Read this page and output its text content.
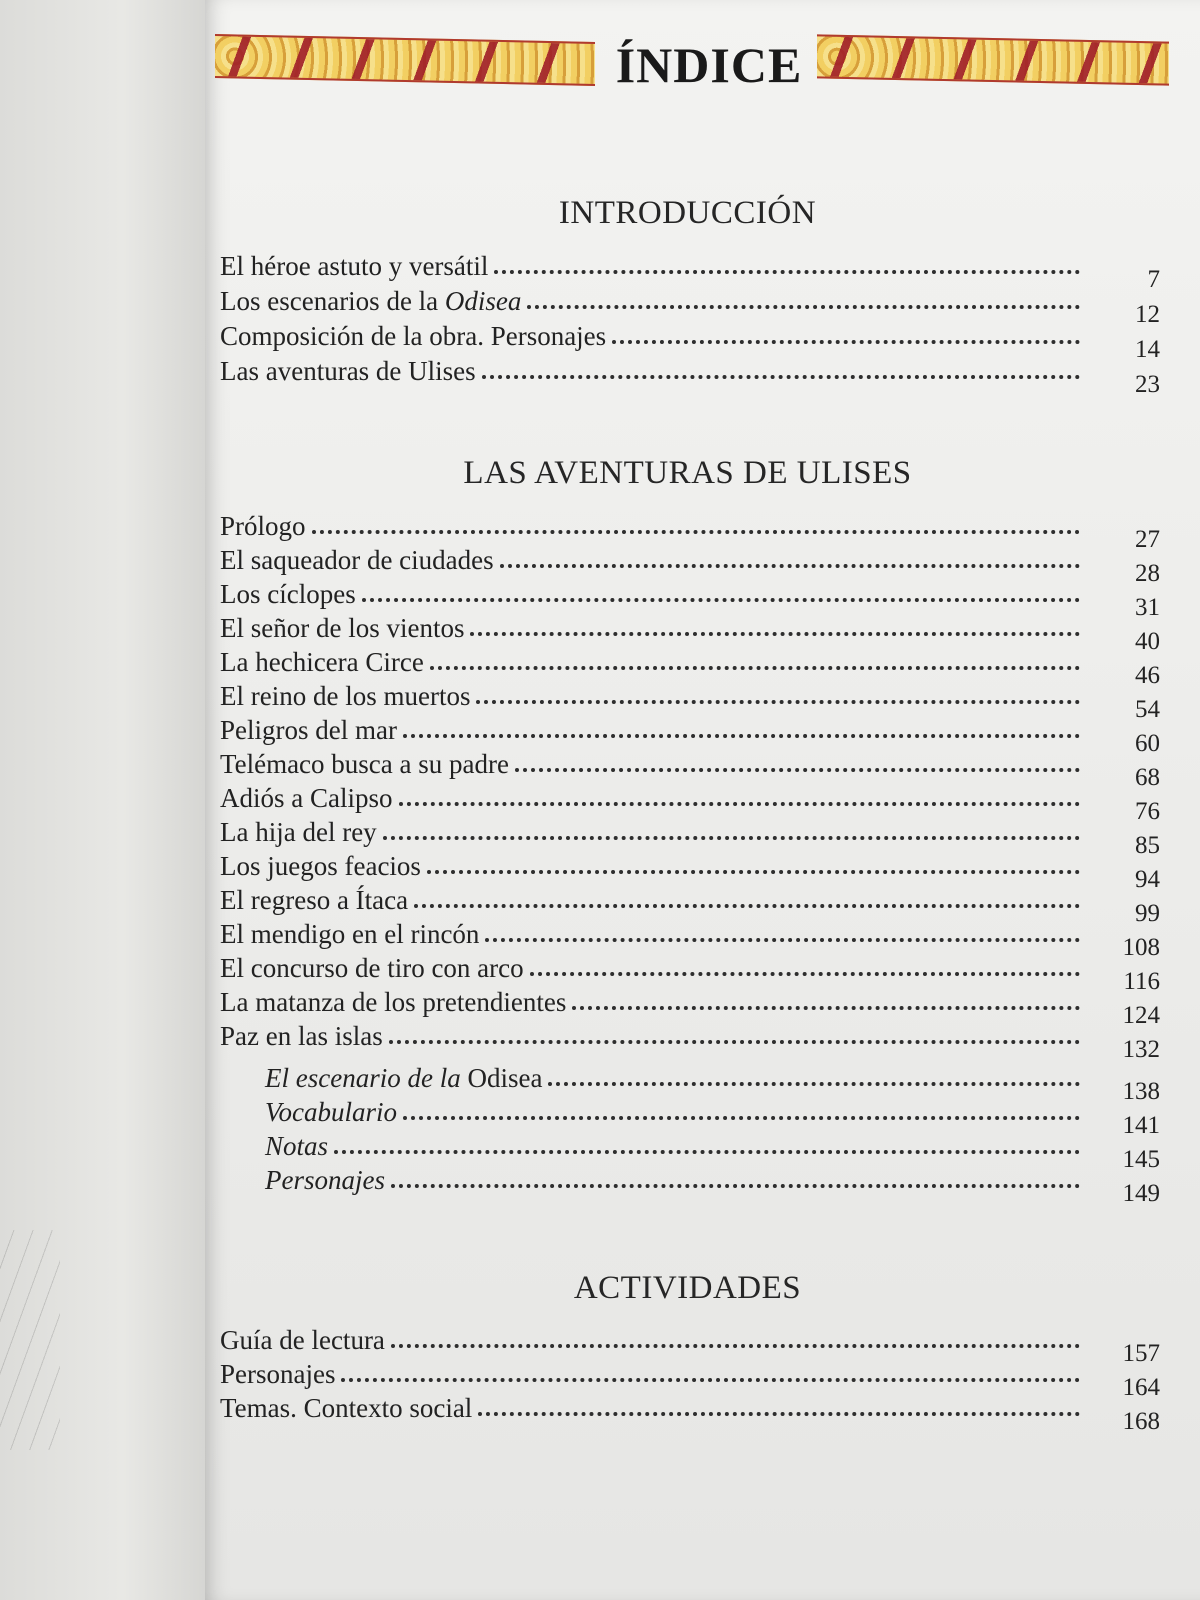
ÍNDICE
INTRODUCCIÓN
El héroe astuto y versátil	7
Los escenarios de la Odisea	12
Composición de la obra. Personajes	14
Las aventuras de Ulises	23
LAS AVENTURAS DE ULISES
Prólogo	27
El saqueador de ciudades	28
Los cíclopes	31
El señor de los vientos	40
La hechicera Circe	46
El reino de los muertos	54
Peligros del mar	60
Telémaco busca a su padre	68
Adiós a Calipso	76
La hija del rey	85
Los juegos feacios	94
El regreso a Ítaca	99
El mendigo en el rincón	108
El concurso de tiro con arco	116
La matanza de los pretendientes	124
Paz en las islas	132
El escenario de la Odisea	138
Vocabulario	141
Notas	145
Personajes	149
ACTIVIDADES
Guía de lectura	157
Personajes	164
Temas. Contexto social	168
